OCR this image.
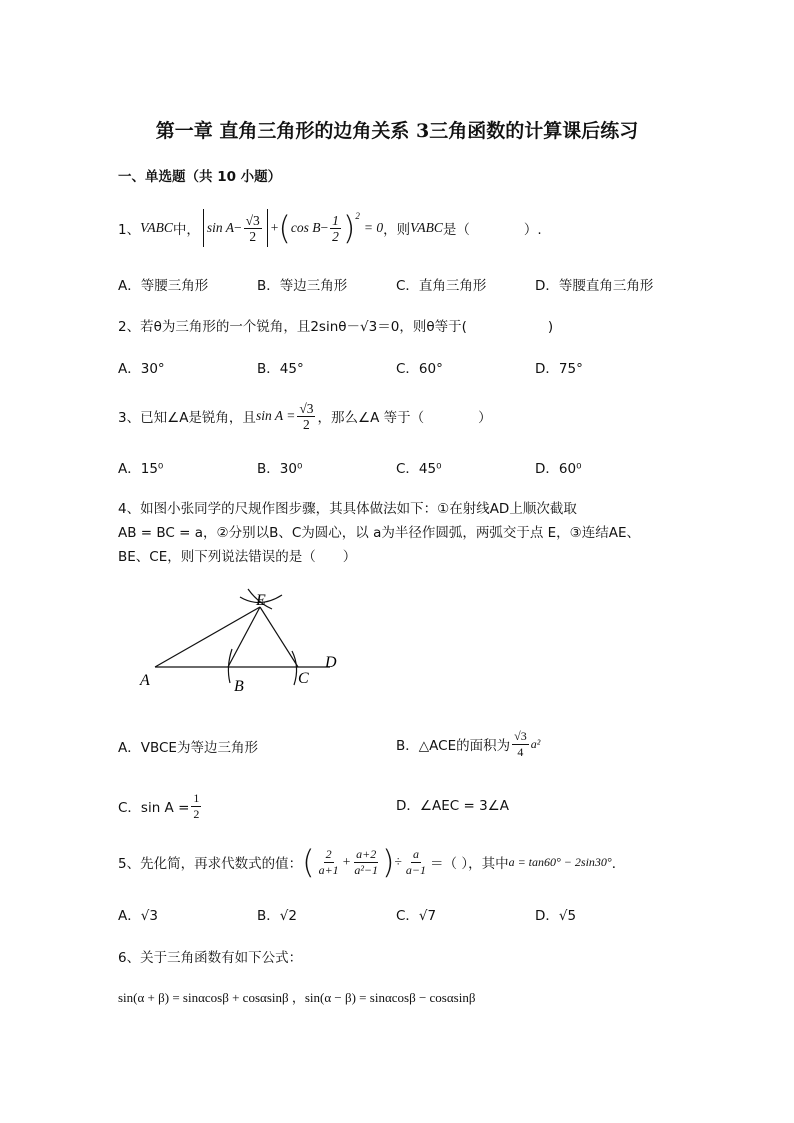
第一章 直角三角形的边角关系 3三角函数的计算课后练习
一、单选题（共 10 小题）
1、 VABC 中， $\sin A - \frac{√3}{2}$ + ( $\cos B - \frac{1}{2}$ ) 2
= 0 ，则 VABC 是（　　　　）.
A．等腰三角形	B．等边三角形	C．直角三角形	D．等腰直角三角形
2、若θ为三角形的一个锐角，且2sinθ－√3＝0，则θ等于(　　　　　　)
A．30°	B．45°	C．60°	D．75°
3、已知∠A是锐角，且 $\sin A = \frac{√3}{2}$ ，那么∠A 等于（　　　　）
A．15⁰	B．30⁰	C．45⁰	D．60⁰
4、如图小张同学的尺规作图步骤，其具体做法如下：①在射线AD上顺次截取
AB = BC = a，②分别以B、C为圆心，以 a为半径作圆弧，两弧交于点 E，③连结AE、
BE、CE，则下列说法错误的是（　　）
A	B	C
D
E
A．VBCE为等边三角形	B．△ACE的面积为 $\frac{√3}{4} a^2$
C．$\sin A = \frac{1}{2}$	D．∠AEC = 3∠A
5、先化简，再求代数式的值： ( $\frac{2}{a+1} + \frac{a+2}{\text{a²−1}}$ ) ÷ $\frac{a}{a-1}$ ＝（ ），其中 a = tan60° − 2sin30° ．
A．√3	B．√2	C．√7	D．√5
6、关于三角函数有如下公式：
sin(α + β) = sinαcosβ + cosαsinβ ，sin(α − β) = sinαcosβ − cosαsinβ
